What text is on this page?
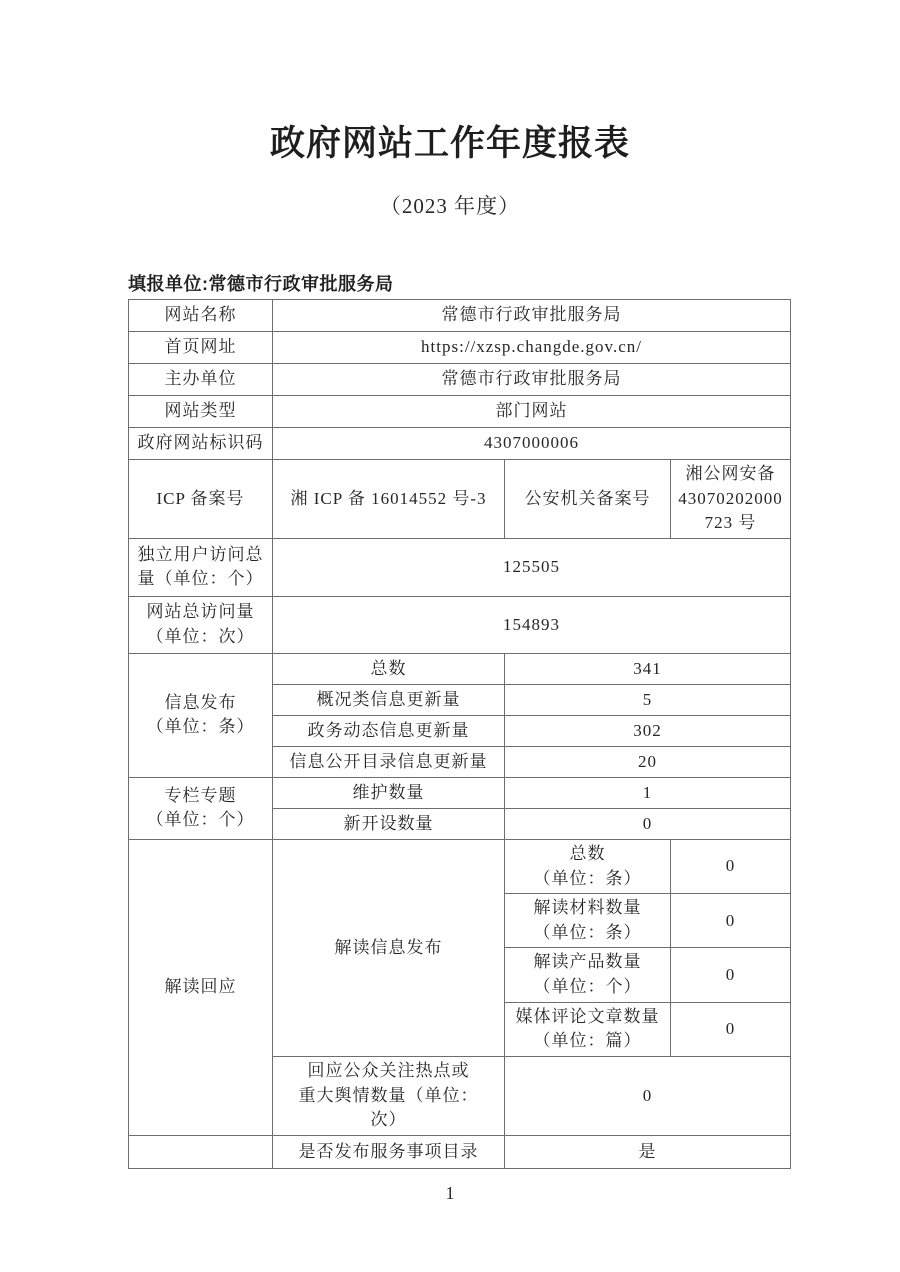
政府网站工作年度报表
（2023 年度）
填报单位:常德市行政审批服务局
网站名称	常德市行政审批服务局		
首页网址	https://xzsp.changde.gov.cn/		
主办单位	常德市行政审批服务局		
网站类型	部门网站		
政府网站标识码	4307000006		
ICP 备案号	湘 ICP 备 16014552 号-3	公安机关备案号	湘公网安备
43070202000
723 号
独立用户访问总
量（单位：个）	125505		
网站总访问量
（单位：次）	154893		
信息发布
（单位：条）	总数	341	
	概况类信息更新量	5	
	政务动态信息更新量	302	
	信息公开目录信息更新量	20	
专栏专题
（单位：个）	维护数量	1	
	新开设数量	0	
解读回应	解读信息发布	总数
（单位：条）	0
		解读材料数量
（单位：条）	0
		解读产品数量
（单位：个）	0
		媒体评论文章数量
（单位：篇）	0
	回应公众关注热点或
重大舆情数量（单位：
次）	0	
	是否发布服务事项目录	是	
1
